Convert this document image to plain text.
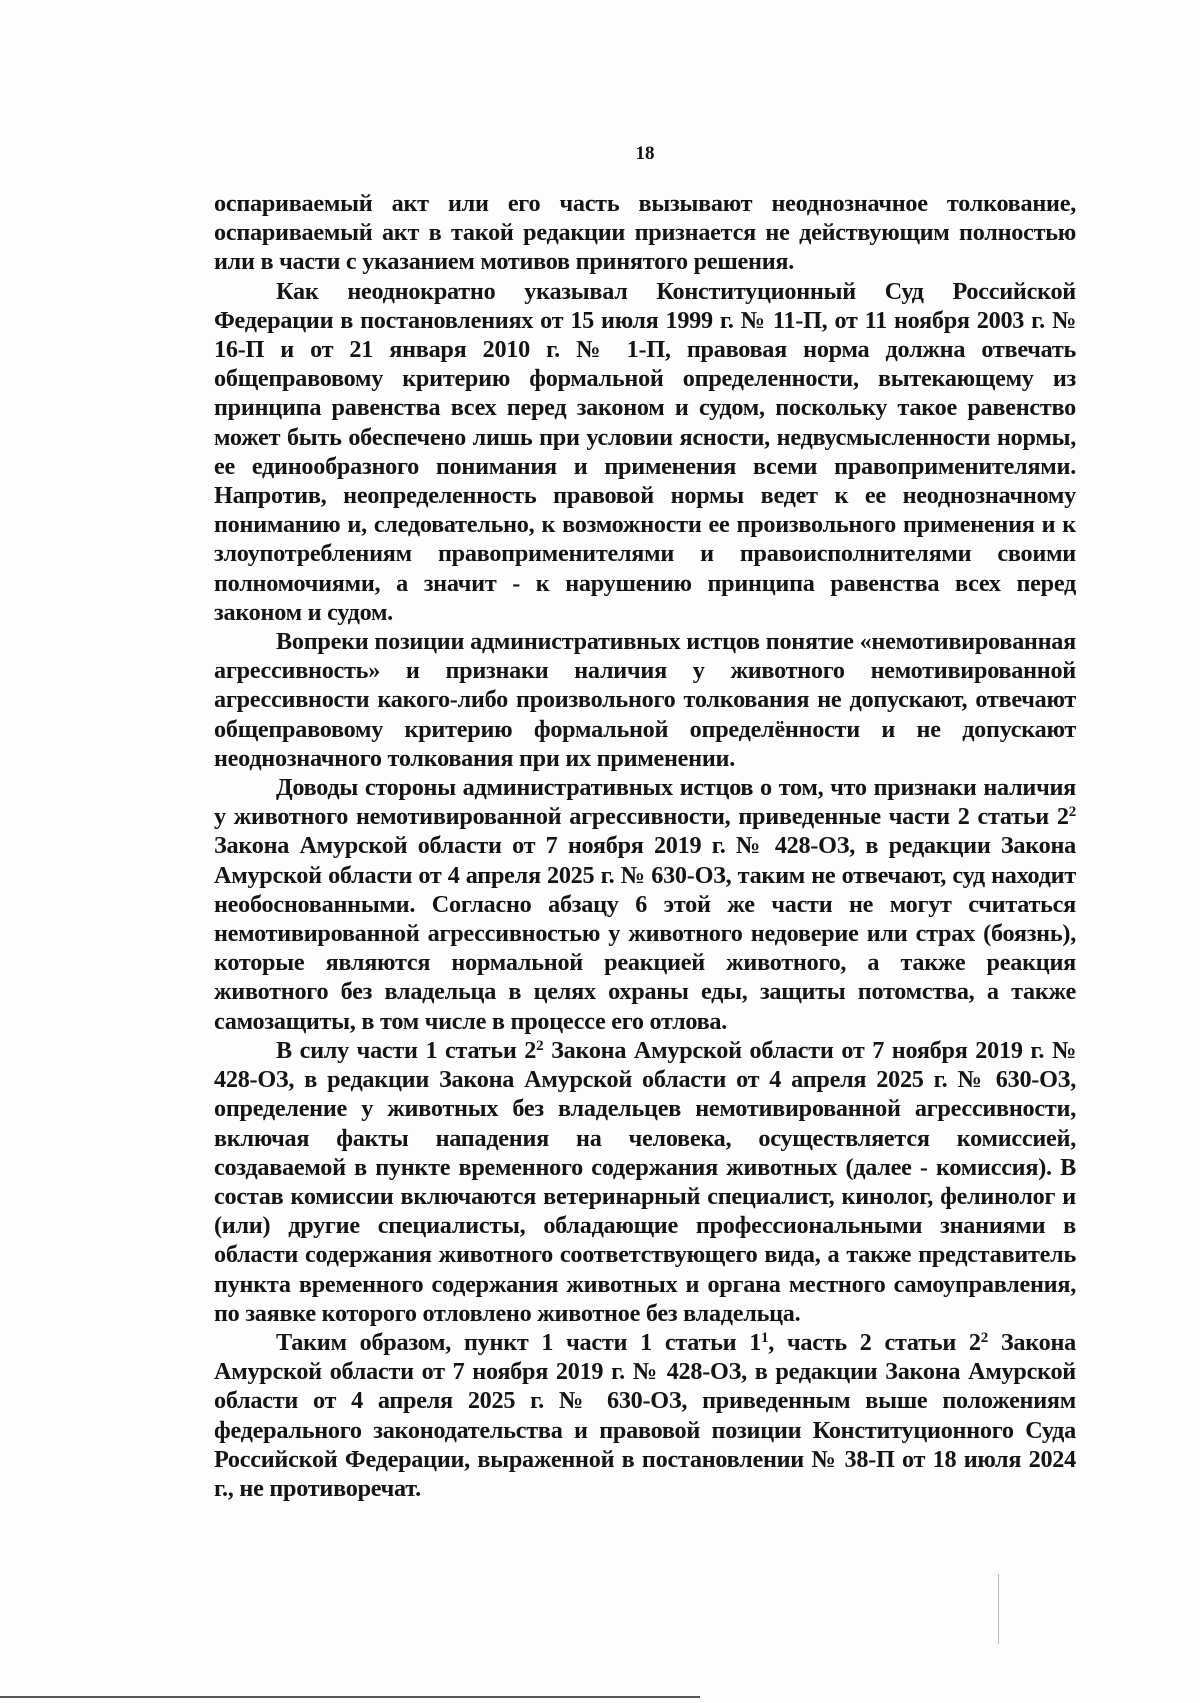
18

оспариваемый акт или его часть вызывают неоднозначное толкование, оспариваемый акт в такой редакции признается не действующим полностью или в части с указанием мотивов принятого решения.

Как неоднократно указывал Конституционный Суд Российской Федерации в постановлениях от 15 июля 1999 г. № 11-П, от 11 ноября 2003 г. № 16-П и от 21 января 2010 г. № 1-П, правовая норма должна отвечать общеправовому критерию формальной определенности, вытекающему из принципа равенства всех перед законом и судом, поскольку такое равенство может быть обеспечено лишь при условии ясности, недвусмысленности нормы, ее единообразного понимания и применения всеми правоприменителями. Напротив, неопределенность правовой нормы ведет к ее неоднозначному пониманию и, следовательно, к возможности ее произвольного применения и к злоупотреблениям правоприменителями и правоисполнителями своими полномочиями, а значит - к нарушению принципа равенства всех перед законом и судом.

Вопреки позиции административных истцов понятие «немотивированная агрессивность» и признаки наличия у животного немотивированной агрессивности какого-либо произвольного толкования не допускают, отвечают общеправовому критерию формальной определённости и не допускают неоднозначного толкования при их применении.

Доводы стороны административных истцов о том, что признаки наличия у животного немотивированной агрессивности, приведенные части 2 статьи $2^2$ Закона Амурской области от 7 ноября 2019 г. № 428-ОЗ, в редакции Закона Амурской области от 4 апреля 2025 г. № 630-ОЗ, таким не отвечают, суд находит необоснованными. Согласно абзацу 6 этой же части не могут считаться немотивированной агрессивностью у животного недоверие или страх (боязнь), которые являются нормальной реакцией животного, а также реакция животного без владельца в целях охраны еды, защиты потомства, а также самозащиты, в том числе в процессе его отлова.

В силу части 1 статьи $2^2$ Закона Амурской области от 7 ноября 2019 г. № 428-ОЗ, в редакции Закона Амурской области от 4 апреля 2025 г. № 630-ОЗ, определение у животных без владельцев немотивированной агрессивности, включая факты нападения на человека, осуществляется комиссией, создаваемой в пункте временного содержания животных (далее - комиссия). В состав комиссии включаются ветеринарный специалист, кинолог, фелинолог и (или) другие специалисты, обладающие профессиональными знаниями в области содержания животного соответствующего вида, а также представитель пункта временного содержания животных и органа местного самоуправления, по заявке которого отловлено животное без владельца.

Таким образом, пункт 1 части 1 статьи $1^1$, часть 2 статьи $2^2$ Закона Амурской области от 7 ноября 2019 г. № 428-ОЗ, в редакции Закона Амурской области от 4 апреля 2025 г. № 630-ОЗ, приведенным выше положениям федерального законодательства и правовой позиции Конституционного Суда Российской Федерации, выраженной в постановлении № 38-П от 18 июля 2024 г., не противоречат.
